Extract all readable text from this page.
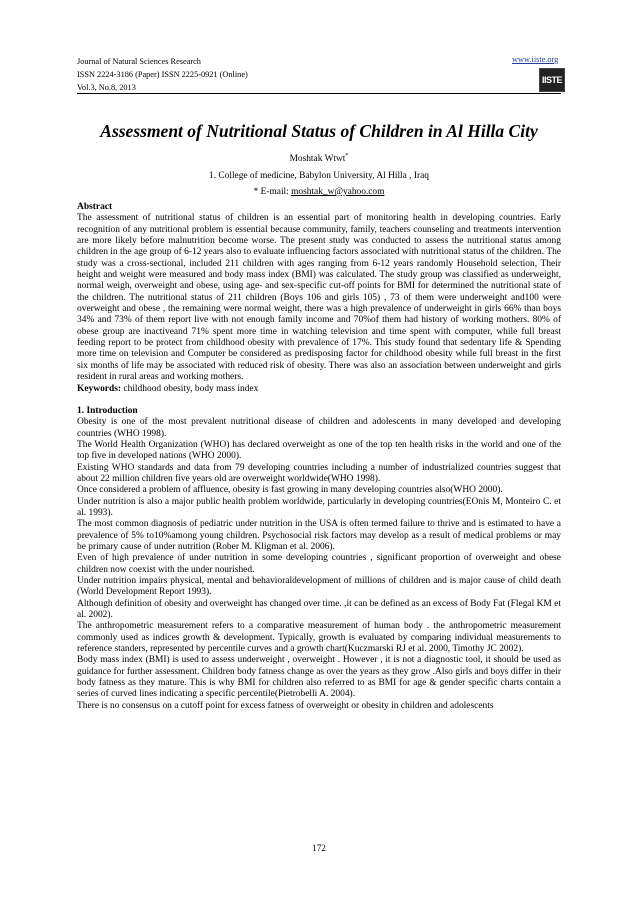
Journal of Natural Sciences Research
ISSN 2224-3186 (Paper) ISSN 2225-0921 (Online)
Vol.3, No.8, 2013
www.iiste.org
IISTE
Assessment of Nutritional Status of Children in Al Hilla City
Moshtak Wtwt*
1. College of medicine, Babylon University, Al Hilla , Iraq
* E-mail: moshtak_w@yahoo.com

Abstract

The assessment of nutritional status of children is an essential part of monitoring health in developing countries. Early recognition of any nutritional problem is essential because community, family, teachers counseling and treatments intervention are more likely before malnutrition become worse. The present study was conducted to assess the nutritional status among children in the age group of 6-12 years also to evaluate influencing factors associated with nutritional status of the children. The study was a cross-sectional, included 211 children with ages ranging from 6-12 years randomly Household selection, Their height and weight were measured and body mass index (BMI) was calculated. The study group was classified as underweight, normal weigh, overweight and obese, using age- and sex-specific cut-off points for BMI for determined the nutritional state of the children. The nutritional status of 211 children (Boys 106 and girls 105) , 73 of them were underweight and100 were overweight and obese , the remaining were normal weight, there was a high prevalence of underweight in girls 66% than boys 34% and 73% of them report live with not enough family income and 70%of them had history of working mothers. 80% of obese group are inactiveand 71% spent more time in watching television and time spent with computer, while full breast feeding report to be protect from childhood obesity with prevalence of 17%. This study found that sedentary life & Spending more time on television and Computer be considered as predisposing factor for childhood obesity while full breast in the first six months of life may be associated with reduced risk of obesity. There was also an association between underweight and girls resident in rural areas and working mothers.

Keywords: childhood obesity, body mass index

1. Introduction

Obesity is one of the most prevalent nutritional disease of children and adolescents in many developed and developing countries (WHO 1998).

The World Health Organization (WHO) has declared overweight as one of the top ten health risks in the world and one of the top five in developed nations (WHO 2000).

Existing WHO standards and data from 79 developing countries including a number of industrialized countries suggest that about 22 million children five years old are overweight worldwide(WHO 1998).

Once considered a problem of affluence, obesity is fast growing in many developing countries also(WHO 2000).

Under nutrition is also a major public health problem worldwide, particularly in developing countries(EOnis M, Monteiro C. et al. 1993).

The most common diagnosis of pediatric under nutrition in the USA is often termed failure to thrive and is estimated to have a prevalence of 5% to10%among young children. Psychosocial risk factors may develop as a result of medical problems or may be primary cause of under nutrition (Rober M. Kligman et al. 2006).

Even of high prevalence of under nutrition in some developing countries , significant proportion of overweight and obese children now coexist with the under nourished.

Under nutrition impairs physical, mental and behavioraldevelopment of millions of children and is major cause of child death (World Development Report 1993).

Although definition of obesity and overweight has changed over time. ,it can be defined as an excess of Body Fat (Flegal KM et al. 2002).

The anthropometric measurement refers to a comparative measurement of human body . the anthropometric measurement commonly used as indices growth & development. Typically, growth is evaluated by comparing individual measurements to reference standers, represented by percentile curves and a growth chart(Kuczmarski RJ et al. 2000, Timothy JC 2002).

Body mass index (BMI) is used to assess underweight , overweight . However , it is not a diagnostic tool, it should be used as guidance for further assessment. Children body fatness change as over the years as they grow .Also girls and boys differ in their body fatness as they mature. This is why BMI for children also referred to as BMI for age & gender specific charts contain a series of curved lines indicating a specific percentile(Pietrobelli A. 2004).

There is no consensus on a cutoff point for excess fatness of overweight or obesity in children and adolescents

172
